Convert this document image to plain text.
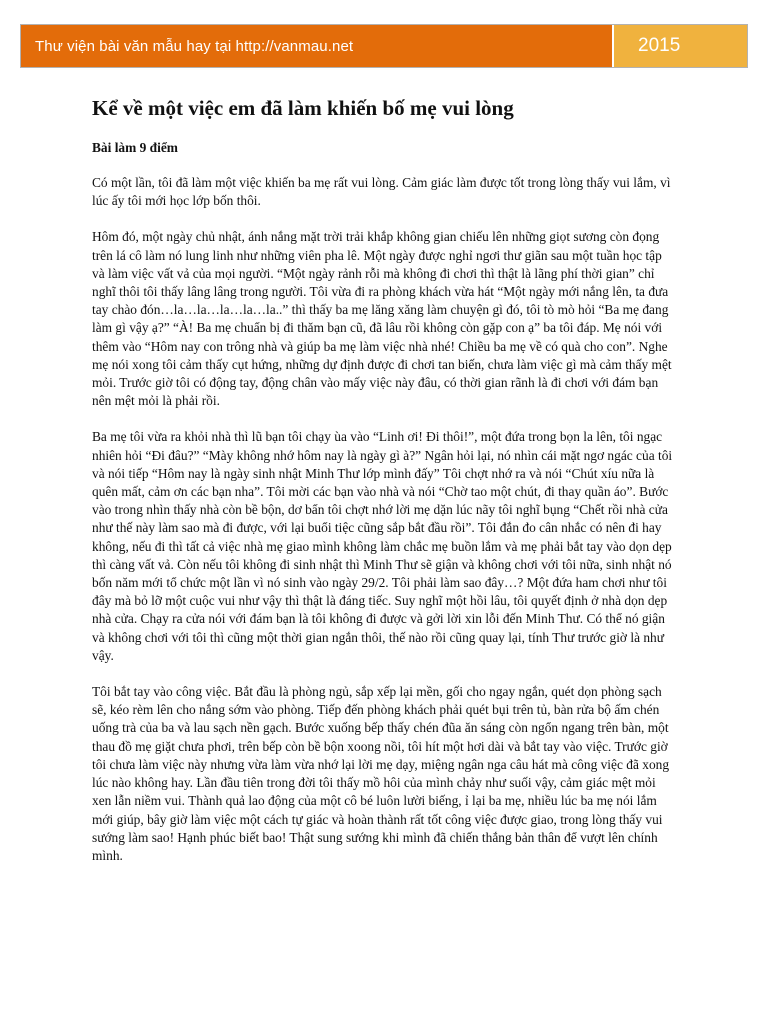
Thư viện bài văn mẫu hay tại http://vanmau.net	2015
Kể về một việc em đã làm khiến bố mẹ vui lòng

Bài làm 9 điểm

Có một lần, tôi đã làm một việc khiến ba mẹ rất vui lòng. Cảm giác làm được tốt trong lòng thấy vui lắm, vì lúc ấy tôi mới học lớp bốn thôi.

Hôm đó, một ngày chủ nhật, ánh nắng mặt trời trải khắp không gian chiếu lên những giọt sương còn đọng trên lá cô làm nó lung linh như những viên pha lê. Một ngày được nghỉ ngơi thư giãn sau một tuần học tập và làm việc vất vả của mọi người. “Một ngày rảnh rỗi mà không đi chơi thì thật là lãng phí thời gian” chỉ nghĩ thôi tôi thấy lâng lâng trong người. Tôi vừa đi ra phòng khách vừa hát “Một ngày mới nắng lên, ta đưa tay chào đón…la…la…la…la…la..” thì thấy ba mẹ lăng xăng làm chuyện gì đó, tôi tò mò hỏi “Ba mẹ đang làm gì vậy ạ?” “À! Ba mẹ chuẩn bị đi thăm bạn cũ, đã lâu rồi không còn gặp con ạ” ba tôi đáp. Mẹ nói với thêm vào “Hôm nay con trông nhà và giúp ba mẹ làm việc nhà nhé! Chiều ba mẹ về có quà cho con”. Nghe mẹ nói xong tôi cảm thấy cụt hứng, những dự định được đi chơi tan biến, chưa làm việc gì mà cảm thấy mệt mỏi. Trước giờ tôi có động tay, động chân vào mấy việc này đâu, có thời gian rãnh là đi chơi với đám bạn nên mệt mỏi là phải rồi.

Ba mẹ tôi vừa ra khỏi nhà thì lũ bạn tôi chạy ùa vào “Linh ơi! Đi thôi!”, một đứa trong bọn la lên, tôi ngạc nhiên hỏi “Đi đâu?” “Mày không nhớ hôm nay là ngày gì à?” Ngân hỏi lại, nó nhìn cái mặt ngơ ngác của tôi và nói tiếp “Hôm nay là ngày sinh nhật Minh Thư lớp mình đấy” Tôi chợt nhớ ra và nói “Chút xíu nữa là quên mất, cảm ơn các bạn nha”. Tôi mời các bạn vào nhà và nói “Chờ tao một chút, đi thay quần áo”. Bước vào trong nhìn thấy nhà còn bề bộn, dơ bẩn tôi chợt nhớ lời mẹ dặn lúc nãy tôi nghĩ bụng “Chết rồi nhà cửa như thế này làm sao mà đi được, với lại buổi tiệc cũng sắp bắt đầu rồi”. Tôi đắn đo cân nhắc có nên đi hay không, nếu đi thì tất cả việc nhà mẹ giao mình không làm chắc mẹ buồn lắm và mẹ phải bắt tay vào dọn dẹp thì càng vất vả. Còn nếu tôi không đi sinh nhật thì Minh Thư sẽ giận và không chơi với tôi nữa, sinh nhật nó bốn năm mới tổ chức một lần vì nó sinh vào ngày 29/2. Tôi phải làm sao đây…? Một đứa ham chơi như tôi đây mà bỏ lỡ một cuộc vui như vậy thì thật là đáng tiếc. Suy nghĩ một hồi lâu, tôi quyết định ở nhà dọn dẹp nhà cửa. Chạy ra cửa nói với đám bạn là tôi không đi được và gởi lời xin lỗi đến Minh Thư. Có thể nó giận và không chơi với tôi thì cũng một thời gian ngắn thôi, thế nào rồi cũng quay lại, tính Thư trước giờ là như vậy.

Tôi bắt tay vào công việc. Bắt đầu là phòng ngủ, sắp xếp lại mền, gối cho ngay ngắn, quét dọn phòng sạch sẽ, kéo rèm lên cho nắng sớm vào phòng. Tiếp đến phòng khách phải quét bụi trên tủ, bàn rửa bộ ấm chén uống trà của ba và lau sạch nền gạch. Bước xuống bếp thấy chén đũa ăn sáng còn ngổn ngang trên bàn, một thau đồ mẹ giặt chưa phơi, trên bếp còn bề bộn xoong nồi, tôi hít một hơi dài và bắt tay vào việc. Trước giờ tôi chưa làm việc này nhưng vừa làm vừa nhớ lại lời mẹ dạy, miệng ngân nga câu hát mà công việc đã xong lúc nào không hay. Lần đầu tiên trong đời tôi thấy mồ hôi của mình chảy như suối vậy, cảm giác mệt mỏi xen lẫn niềm vui. Thành quả lao động của một cô bé luôn lười biếng, ỉ lại ba mẹ, nhiều lúc ba mẹ nói lắm mới giúp, bây giờ làm việc một cách tự giác và hoàn thành rất tốt công việc được giao, trong lòng thấy vui sướng làm sao! Hạnh phúc biết bao! Thật sung sướng khi mình đã chiến thắng bản thân để vượt lên chính mình.
